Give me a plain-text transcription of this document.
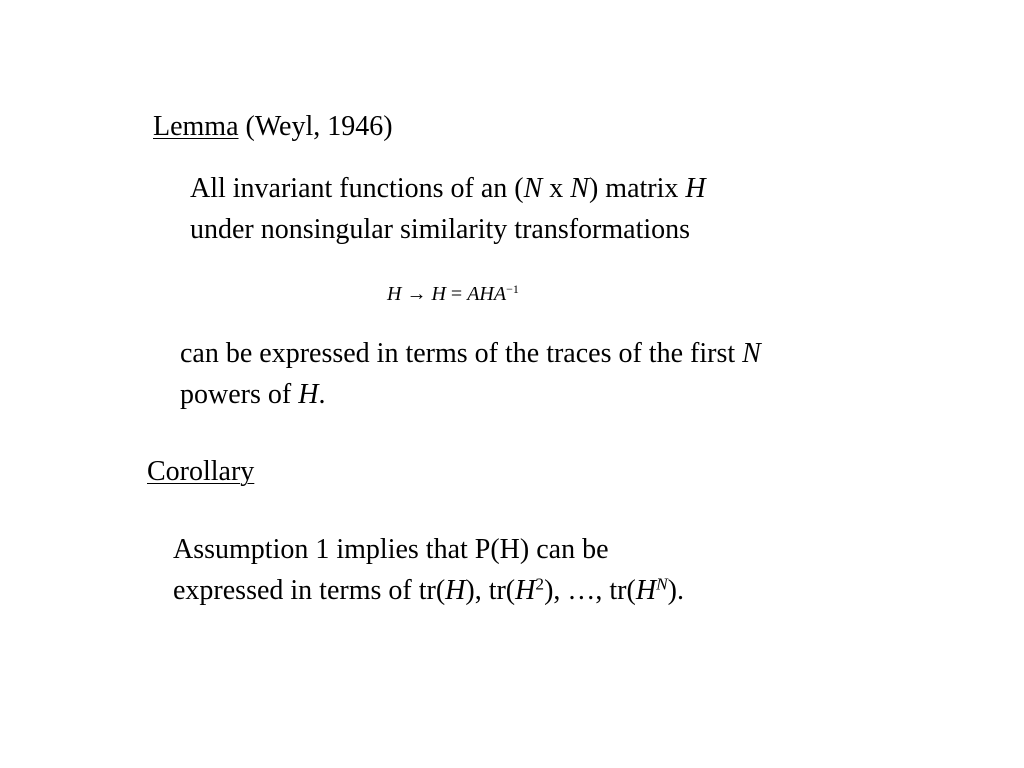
Lemma (Weyl, 1946)
All invariant functions of an (N x N) matrix H
under nonsingular similarity transformations
$H \to H = AHA^{-1}$
can be expressed in terms of the traces of the first N
powers of H.
Corollary
Assumption 1 implies that P(H) can be
expressed in terms of tr(H), $tr(H^2)$, …, $tr(H^N)$.
